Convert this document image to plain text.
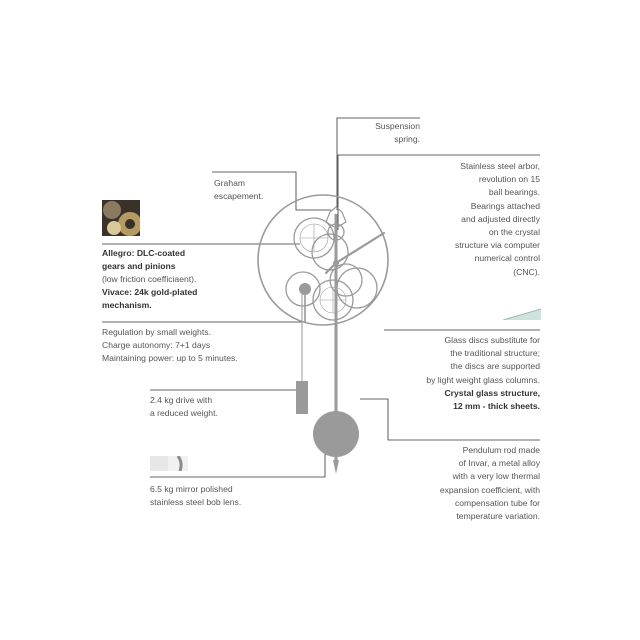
Suspension
spring.
Graham
escapement.
Stainless steel arbor,
revolution on 15
ball bearings.
Bearings attached
and adjusted directly
on the crystal
structure via computer
numerical control
(CNC).
Allegro: DLC-coated
gears and pinions
(low friction coefficiaent).
Vivace: 24k gold-plated
mechanism.
Regulation by small weights.
Charge autonomy: 7+1 days
Maintaining power: up to 5 minutes.
Glass discs substitute for
the traditional structure;
the discs are supported
by light weight glass columns.
Crystal glass structure,
12 mm - thick sheets.
2.4 kg drive with
a reduced weight.
Pendulum rod made
of Invar, a metal alloy
with a very low thermal
expansion coefficient, with
compensation tube for
temperature variation.
6.5 kg mirror polished
stainless steel bob lens.
